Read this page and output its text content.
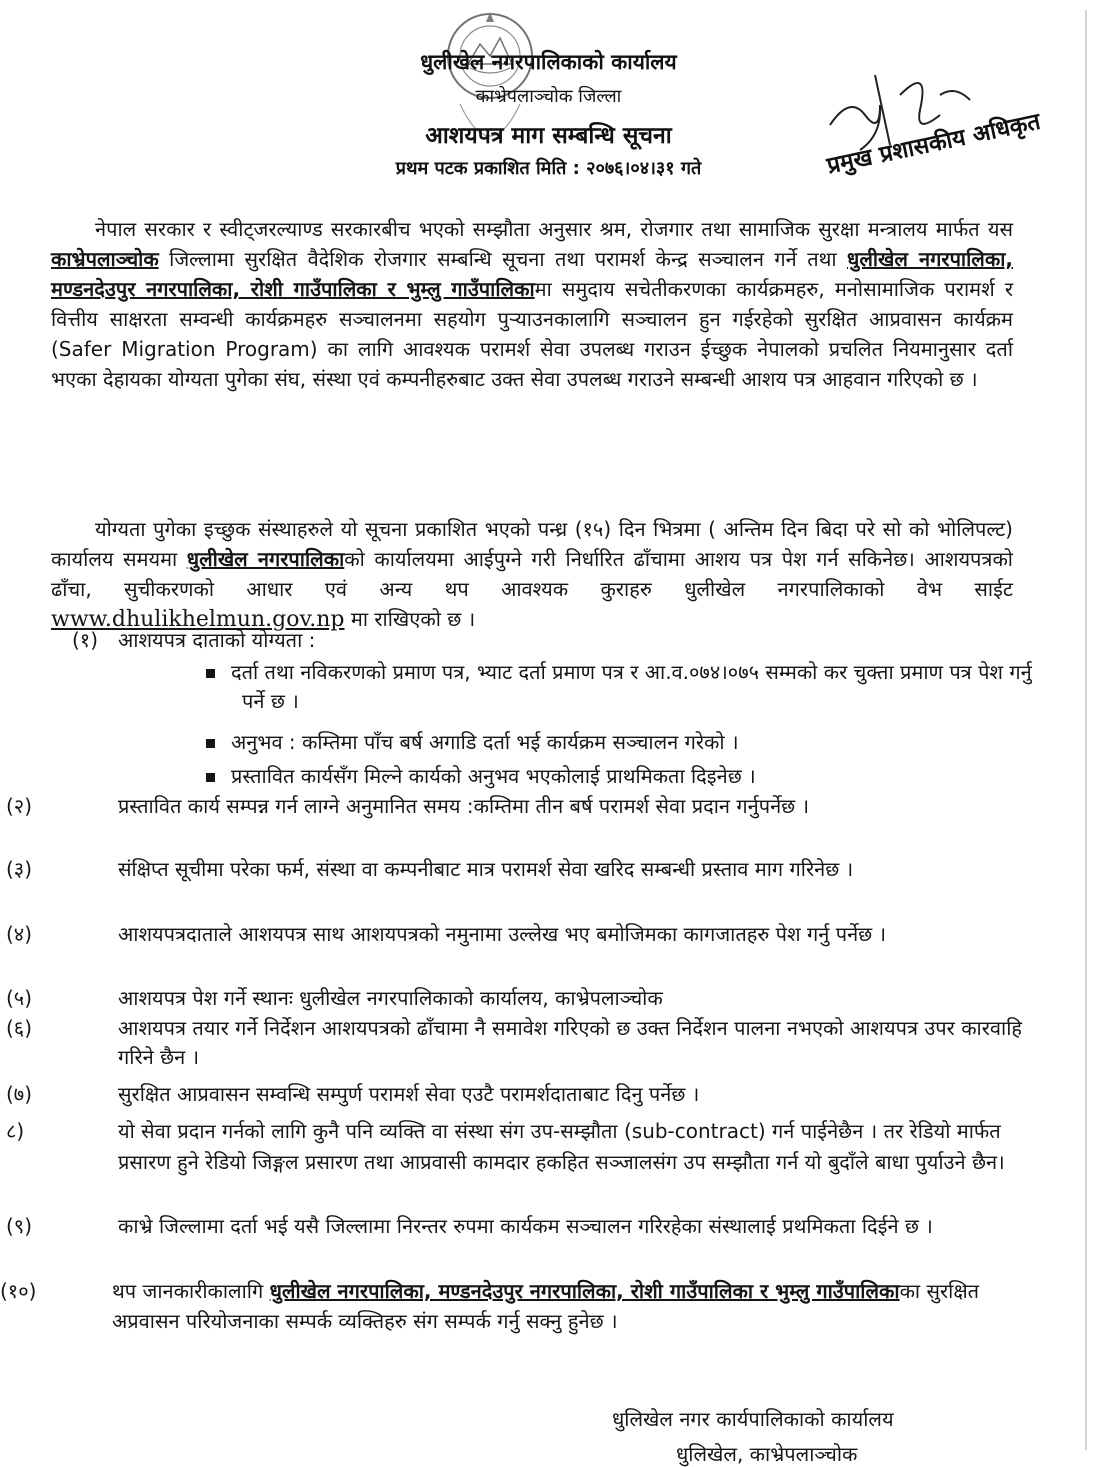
प्रमुख प्रशासकीय अधिकृत
धुलीखेल नगरपालिकाको कार्यालय
काभ्रेपलाञ्चोक जिल्ला
आशयपत्र माग सम्बन्धि सूचना
प्रथम पटक प्रकाशित मिति : २०७६।०४।३१ गते
नेपाल सरकार र स्वीट्जरल्याण्ड सरकारबीच भएको सम्झौता अनुसार श्रम, रोजगार तथा सामाजिक सुरक्षा मन्त्रालय मार्फत यस काभ्रेपलाञ्चोक जिल्लामा सुरक्षित वैदेशिक रोजगार सम्बन्धि सूचना तथा परामर्श केन्द्र सञ्चालन गर्ने तथा धुलीखेल नगरपालिका, मण्डनदेउपुर नगरपालिका, रोशी गाउँपालिका र भुम्लु गाउँपालिकामा समुदाय सचेतीकरणका कार्यक्रमहरु, मनोसामाजिक परामर्श र वित्तीय साक्षरता सम्वन्धी कार्यक्रमहरु सञ्चालनमा सहयोग पुऱ्याउनकालागि सञ्चालन हुन गईरहेको सुरक्षित आप्रवासन कार्यक्रम (Safer Migration Program) का लागि आवश्यक परामर्श सेवा उपलब्ध गराउन ईच्छुक नेपालको प्रचलित नियमानुसार दर्ता भएका देहायका योग्यता पुगेका संघ, संस्था एवं कम्पनीहरुबाट उक्त सेवा उपलब्ध गराउने सम्बन्धी आशय पत्र आहवान गरिएको छ ।
योग्यता पुगेका इच्छुक संस्थाहरुले यो सूचना प्रकाशित भएको पन्ध्र (१५) दिन भित्रमा ( अन्तिम दिन बिदा परे सो को भोलिपल्ट) कार्यालय समयमा धुलीखेल नगरपालिकाको कार्यालयमा आईपुग्ने गरी निर्धारित ढाँचामा आशय पत्र पेश गर्न सकिनेछ। आशयपत्रको ढाँचा, सुचीकरणको आधार एवं अन्य थप आवश्यक कुराहरु धुलीखेल नगरपालिकाको वेभ साईट www.dhulikhelmun.gov.np मा राखिएको छ ।
(१) आशयपत्र दाताको योग्यता :
दर्ता तथा नविकरणको प्रमाण पत्र, भ्याट दर्ता प्रमाण पत्र र आ.व.०७४।०७५ सम्मको कर चुक्ता प्रमाण पत्र पेश गर्नु पर्ने छ ।
अनुभव : कम्तिमा पाँच बर्ष अगाडि दर्ता भई कार्यक्रम सञ्चालन गरेको ।
प्रस्तावित कार्यसँग मिल्ने कार्यको अनुभव भएकोलाई प्राथमिकता दिइनेछ ।
(२)	प्रस्तावित कार्य सम्पन्न गर्न लाग्ने अनुमानित समय :कम्तिमा तीन बर्ष परामर्श सेवा प्रदान गर्नुपर्नेछ ।
(३)	संक्षिप्त सूचीमा परेका फर्म, संस्था वा कम्पनीबाट मात्र परामर्श सेवा खरिद सम्बन्धी प्रस्ताव माग गरिनेछ ।
(४)	आशयपत्रदाताले आशयपत्र साथ आशयपत्रको नमुनामा उल्लेख भए बमोजिमका कागजातहरु पेश गर्नु पर्नेछ ।
(५)	आशयपत्र पेश गर्ने स्थानः धुलीखेल नगरपालिकाको कार्यालय, काभ्रेपलाञ्चोक
(६)	आशयपत्र तयार गर्ने निर्देशन आशयपत्रको ढाँचामा नै समावेश गरिएको छ उक्त निर्देशन पालना नभएको आशयपत्र उपर कारवाहि गरिने छैन ।
(७)	सुरक्षित आप्रवासन सम्वन्धि सम्पुर्ण परामर्श सेवा एउटै परामर्शदाताबाट दिनु पर्नेछ ।
८)	यो सेवा प्रदान गर्नको लागि कुनै पनि व्यक्ति वा संस्था संग उप-सम्झौता (sub-contract) गर्न पाईनेछैन । तर रेडियो मार्फत प्रसारण हुने रेडियो जिङ्गल प्रसारण तथा आप्रवासी कामदार हकहित सञ्जालसंग उप सम्झौता गर्न यो बुदाँले बाधा पुर्याउने छैन।
(९)	काभ्रे जिल्लामा दर्ता भई यसै जिल्लामा निरन्तर रुपमा कार्यकम सञ्चालन गरिरहेका संस्थालाई प्रथमिकता दिईने छ ।
(१०)	थप जानकारीकालागि धुलीखेल नगरपालिका, मण्डनदेउपुर नगरपालिका, रोशी गाउँपालिका र भुम्लु गाउँपालिकाका सुरक्षित अप्रवासन परियोजनाका सम्पर्क व्यक्तिहरु संग सम्पर्क गर्नु सक्नु हुनेछ ।
धुलिखेल नगर कार्यपालिकाको कार्यालय
धुलिखेल, काभ्रेपलाञ्चोक
